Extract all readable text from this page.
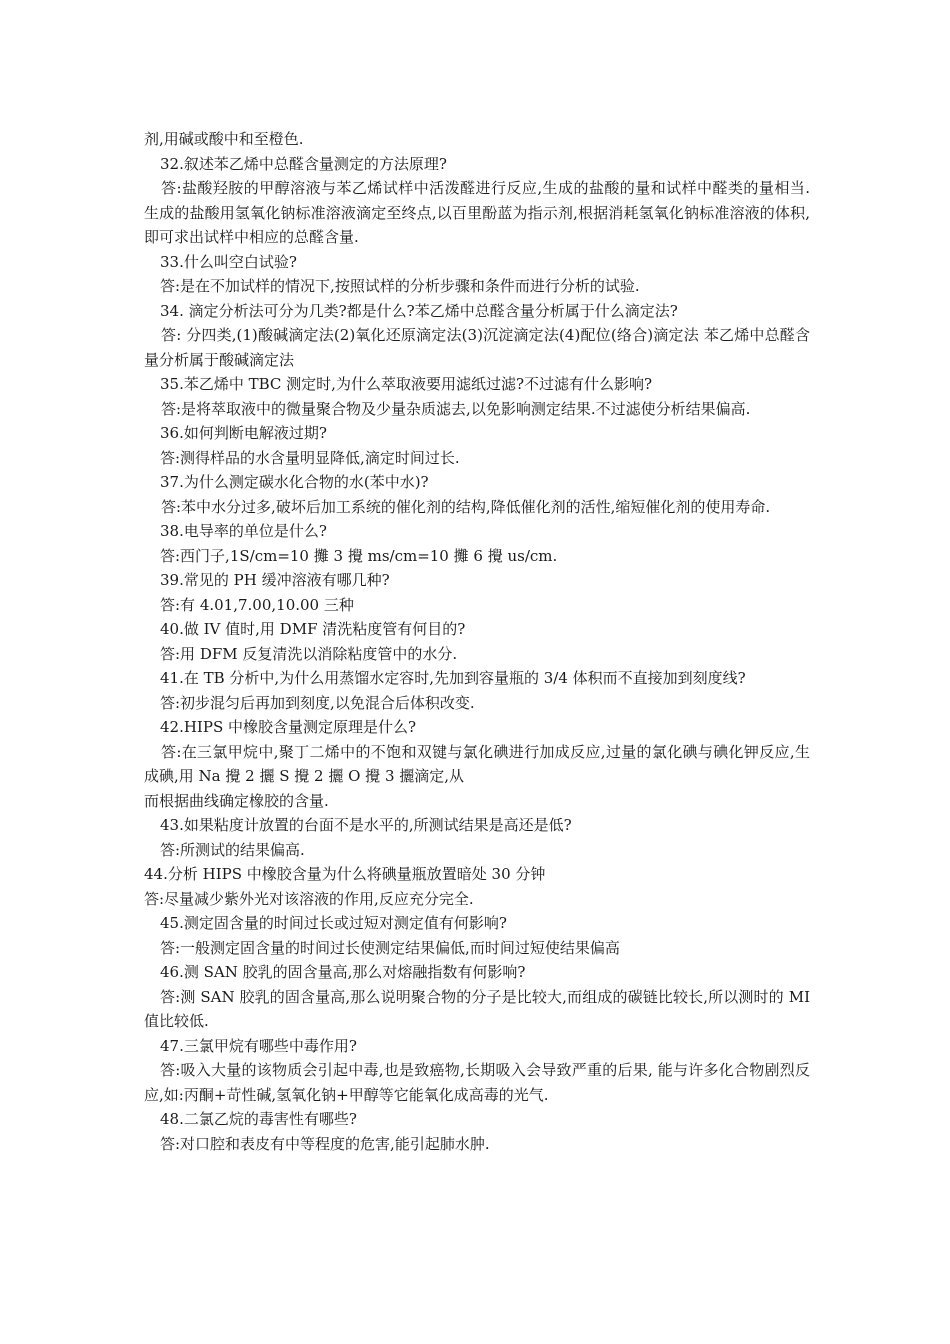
剂,用碱或酸中和至橙色.

32.叙述苯乙烯中总醛含量测定的方法原理?

答:盐酸羟胺的甲醇溶液与苯乙烯试样中活泼醛进行反应,生成的盐酸的量和试样中醛类的量相当. 生成的盐酸用氢氧化钠标准溶液滴定至终点,以百里酚蓝为指示剂,根据消耗氢氧化钠标准溶液的体积,即可求出试样中相应的总醛含量.

33.什么叫空白试验?

答:是在不加试样的情况下,按照试样的分析步骤和条件而进行分析的试验.

34. 滴定分析法可分为几类?都是什么?苯乙烯中总醛含量分析属于什么滴定法?

答: 分四类,(1)酸碱滴定法(2)氧化还原滴定法(3)沉淀滴定法(4)配位(络合)滴定法 苯乙烯中总醛含量分析属于酸碱滴定法

35.苯乙烯中 TBC 测定时,为什么萃取液要用滤纸过滤?不过滤有什么影响?

答:是将萃取液中的微量聚合物及少量杂质滤去,以免影响测定结果.不过滤使分析结果偏高.

36.如何判断电解液过期?

答:测得样品的水含量明显降低,滴定时间过长.

37.为什么测定碳水化合物的水(苯中水)?

答:苯中水分过多,破坏后加工系统的催化剂的结构,降低催化剂的活性,缩短催化剂的使用寿命.

38.电导率的单位是什么?

答:西门子,1S/cm=10 攤 3 攪 ms/cm=10 攤 6 攪 us/cm.

39.常见的 PH 缓冲溶液有哪几种?

答:有 4.01,7.00,10.00 三种

40.做 IV 值时,用 DMF 清洗粘度管有何目的?

答:用 DFM 反复清洗以消除粘度管中的水分.

41.在 TB 分析中,为什么用蒸馏水定容时,先加到容量瓶的 3/4 体积而不直接加到刻度线?

答:初步混匀后再加到刻度,以免混合后体积改变.

42.HIPS 中橡胶含量测定原理是什么?

答:在三氯甲烷中,聚丁二烯中的不饱和双键与氯化碘进行加成反应,过量的氯化碘与碘化钾反应,生成碘,用 Na 攪 2 攦 S 攪 2 攦 O 攪 3 攦滴定,从

而根据曲线确定橡胶的含量.

43.如果粘度计放置的台面不是水平的,所测试结果是高还是低?

答:所测试的结果偏高.

44.分析 HIPS 中橡胶含量为什么将碘量瓶放置暗处 30 分钟

答:尽量减少紫外光对该溶液的作用,反应充分完全.

45.测定固含量的时间过长或过短对测定值有何影响?

答:一般测定固含量的时间过长使测定结果偏低,而时间过短使结果偏高

46.测 SAN 胶乳的固含量高,那么对熔融指数有何影响?

答:测 SAN 胶乳的固含量高,那么说明聚合物的分子是比较大,而组成的碳链比较长,所以测时的 MI 值比较低.

47.三氯甲烷有哪些中毒作用?

答:吸入大量的该物质会引起中毒,也是致癌物,长期吸入会导致严重的后果, 能与许多化合物剧烈反应,如:丙酮+苛性碱,氢氧化钠+甲醇等它能氧化成高毒的光气.

48.二氯乙烷的毒害性有哪些?

答:对口腔和表皮有中等程度的危害,能引起肺水肿.
